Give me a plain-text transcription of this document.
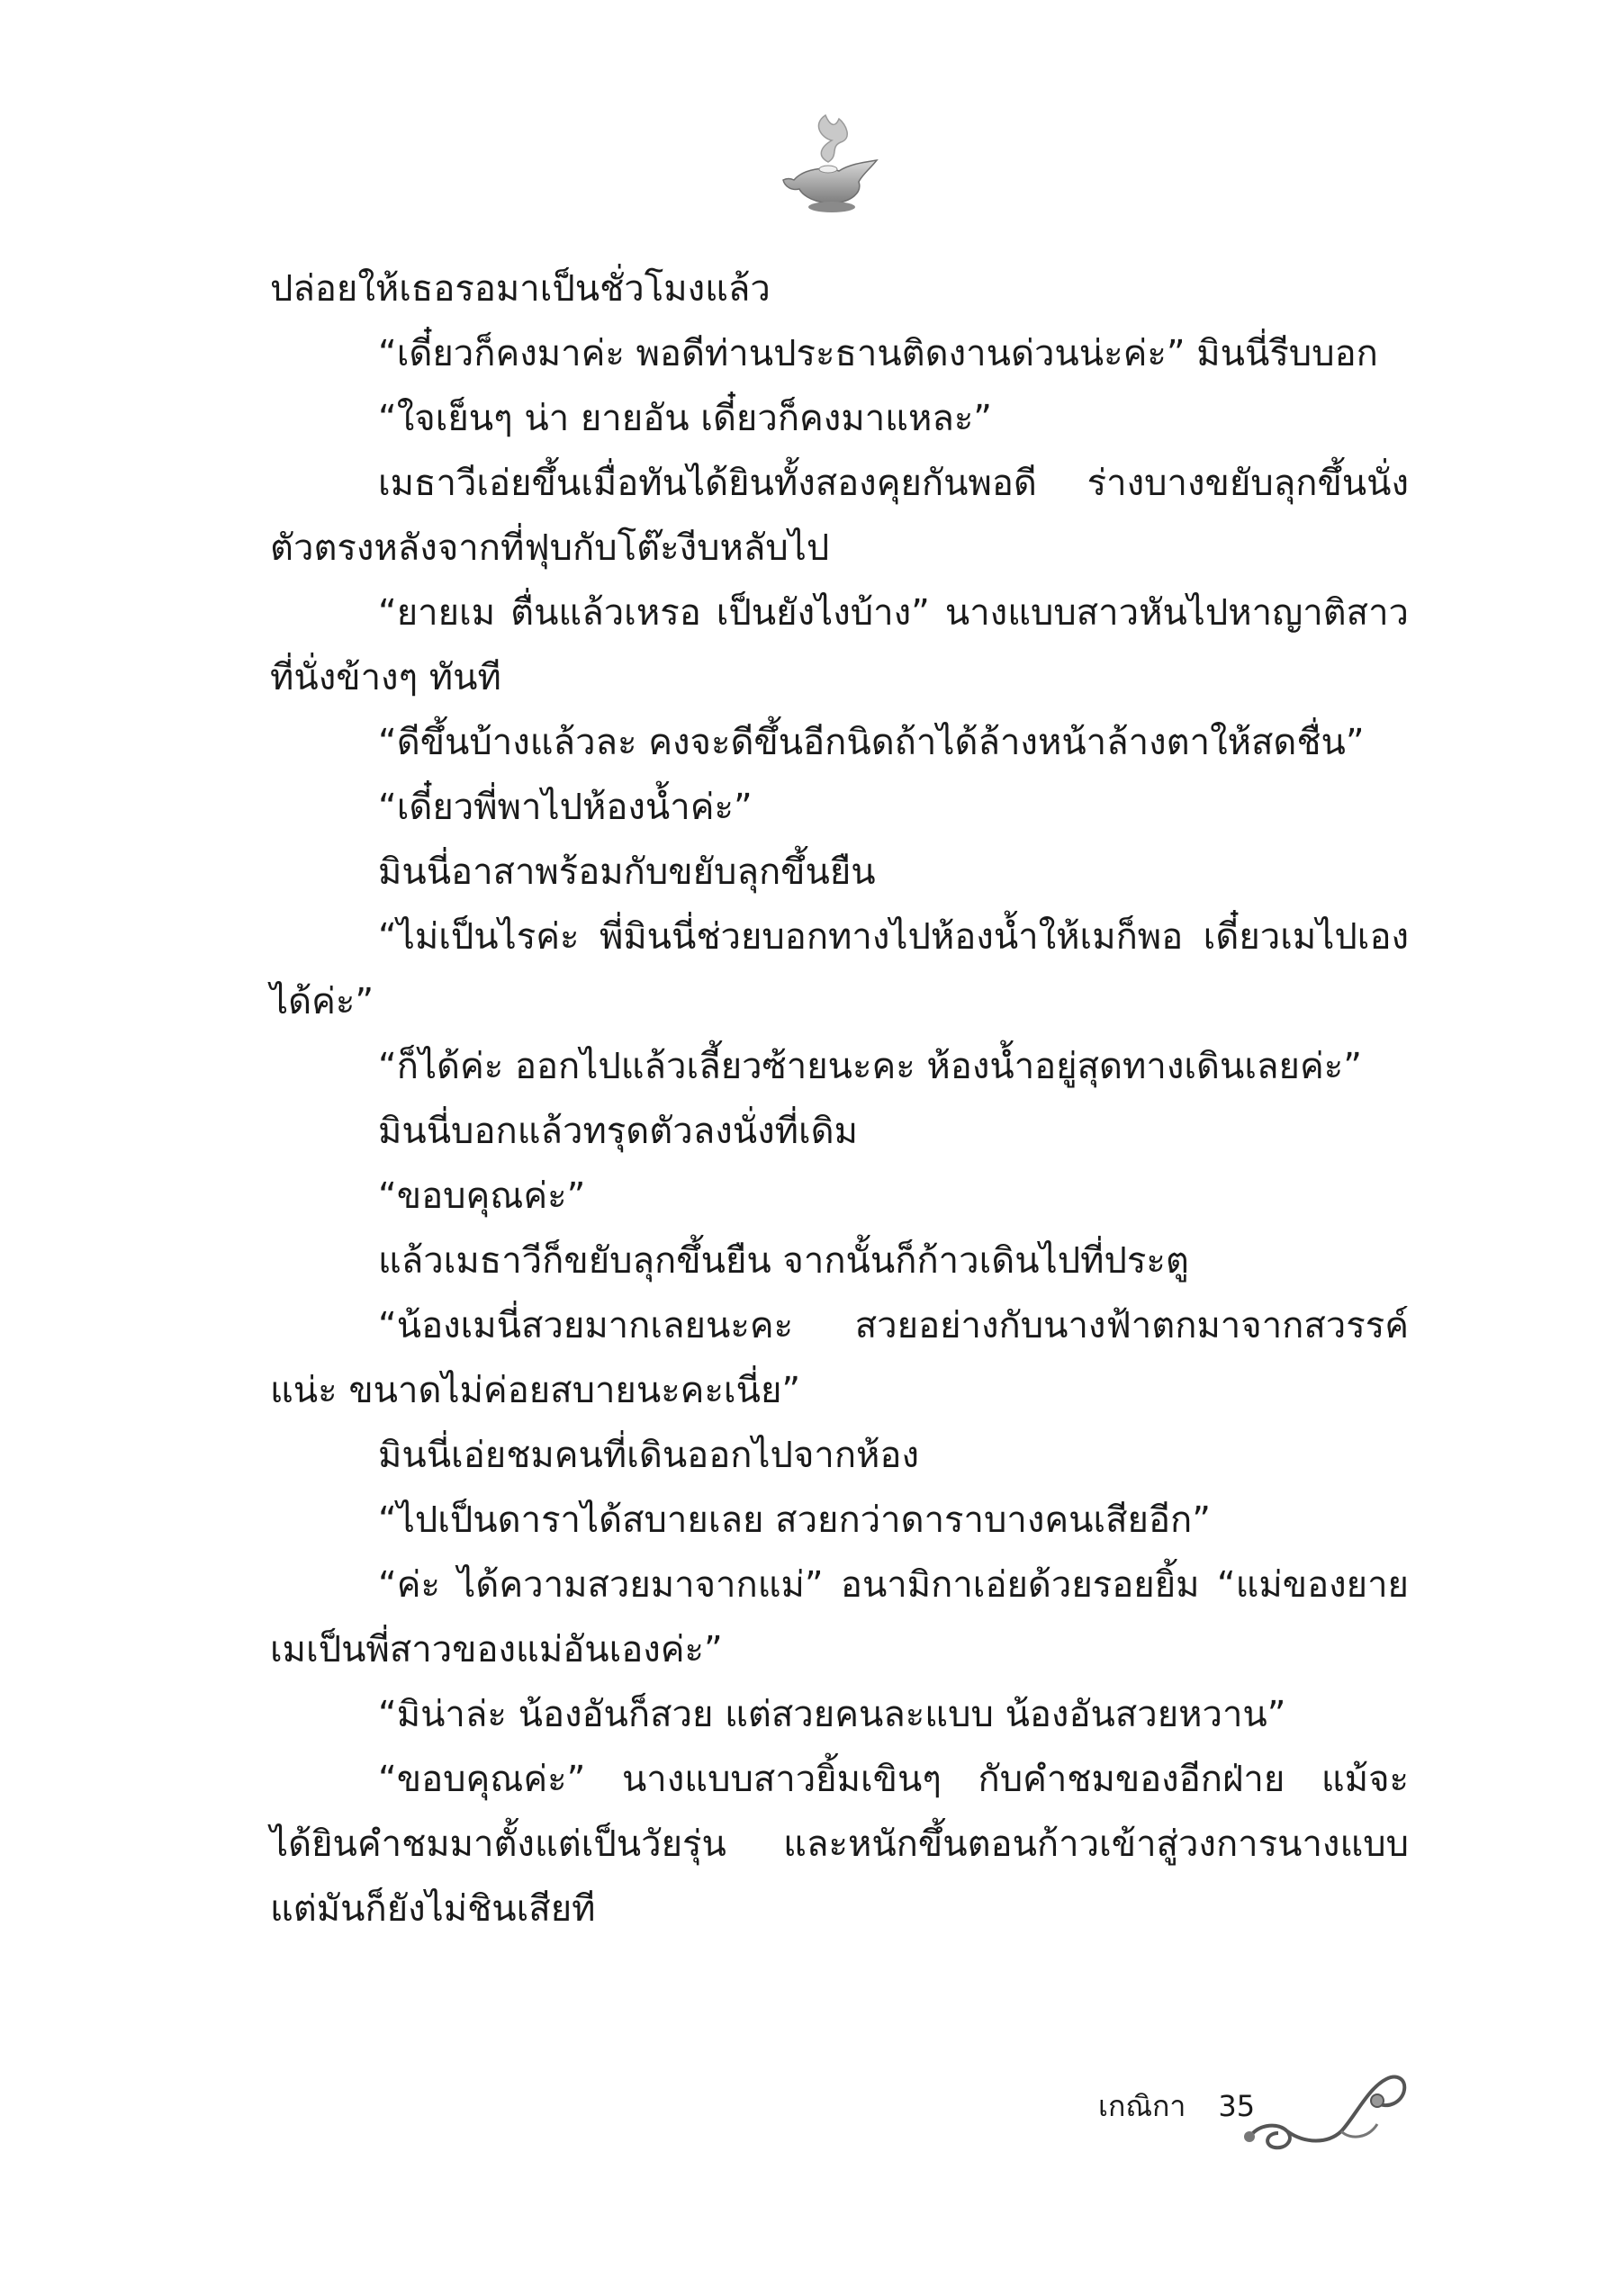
ปล่อยให้เธอรอมาเป็นชั่วโมงแล้ว

“เดี๋ยวก็คงมาค่ะ พอดีท่านประธานติดงานด่วนน่ะค่ะ” มินนี่รีบบอก

“ใจเย็นๆ น่า ยายอัน เดี๋ยวก็คงมาแหละ”

เมธาวีเอ่ยขึ้นเมื่อทันได้ยินทั้งสองคุยกันพอดี ร่างบางขยับลุกขึ้นนั่งตัวตรงหลังจากที่ฟุบกับโต๊ะงีบหลับไป

“ยายเม ตื่นแล้วเหรอ เป็นยังไงบ้าง” นางแบบสาวหันไปหาญาติสาวที่นั่งข้างๆ ทันที

“ดีขึ้นบ้างแล้วละ คงจะดีขึ้นอีกนิดถ้าได้ล้างหน้าล้างตาให้สดชื่น”

“เดี๋ยวพี่พาไปห้องน้ำค่ะ”

มินนี่อาสาพร้อมกับขยับลุกขึ้นยืน

“ไม่เป็นไรค่ะ พี่มินนี่ช่วยบอกทางไปห้องน้ำให้เมก็พอ เดี๋ยวเมไปเองได้ค่ะ”

“ก็ได้ค่ะ ออกไปแล้วเลี้ยวซ้ายนะคะ ห้องน้ำอยู่สุดทางเดินเลยค่ะ”

มินนี่บอกแล้วทรุดตัวลงนั่งที่เดิม

“ขอบคุณค่ะ”

แล้วเมธาวีก็ขยับลุกขึ้นยืน จากนั้นก็ก้าวเดินไปที่ประตู

“น้องเมนี่สวยมากเลยนะคะ สวยอย่างกับนางฟ้าตกมาจากสวรรค์แน่ะ ขนาดไม่ค่อยสบายนะคะเนี่ย”

มินนี่เอ่ยชมคนที่เดินออกไปจากห้อง

“ไปเป็นดาราได้สบายเลย สวยกว่าดาราบางคนเสียอีก”

“ค่ะ ได้ความสวยมาจากแม่” อนามิกาเอ่ยด้วยรอยยิ้ม “แม่ของยายเมเป็นพี่สาวของแม่อันเองค่ะ”

“มิน่าล่ะ น้องอันก็สวย แต่สวยคนละแบบ น้องอันสวยหวาน”

“ขอบคุณค่ะ” นางแบบสาวยิ้มเขินๆ กับคำชมของอีกฝ่าย แม้จะได้ยินคำชมมาตั้งแต่เป็นวัยรุ่น และหนักขึ้นตอนก้าวเข้าสู่วงการนางแบบแต่มันก็ยังไม่ชินเสียที

เกณิกา 35
